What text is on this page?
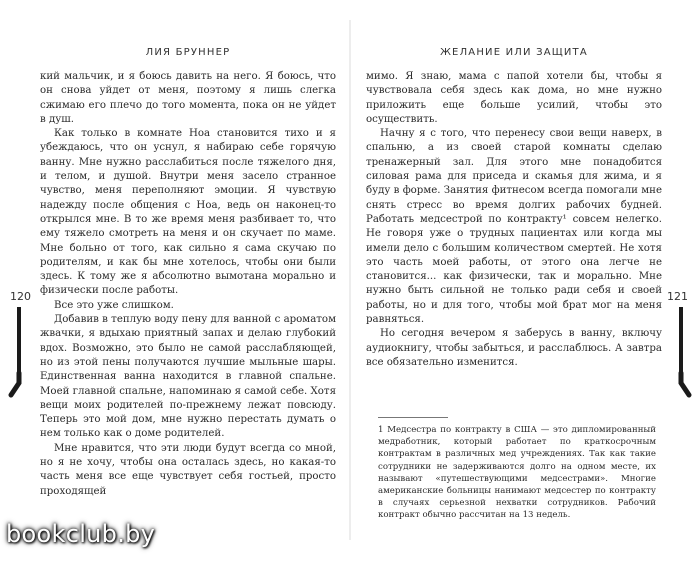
ЛИЯ БРУННЕР

кий мальчик, и я боюсь давить на него. Я боюсь, что он снова уйдет от меня, поэтому я лишь слегка сжимаю его плечо до того момента, пока он не уйдет в душ.

Как только в комнате Ноа становится тихо и я убеждаюсь, что он уснул, я набираю себе горячую ванну. Мне нужно расслабиться после тяжелого дня, и телом, и душой. Внутри меня засело странное чувство, меня переполняют эмоции. Я чувствую надежду после общения с Ноа, ведь он наконец-то открылся мне. В то же время меня разбивает то, что ему тяжело смотреть на меня и он скучает по маме. Мне больно от того, как сильно я сама скучаю по родителям, и как бы мне хотелось, чтобы они были здесь. К тому же я абсолютно вымотана морально и физически после работы.

Все это уже слишком.

Добавив в теплую воду пену для ванной с ароматом жвачки, я вдыхаю приятный запах и делаю глубокий вдох. Возможно, это было не самой расслабляющей, но из этой пены получаются лучшие мыльные шары. Единственная ванна находится в главной спальне. Моей главной спальне, напоминаю я самой себе. Хотя вещи моих родителей по-прежнему лежат повсюду. Теперь это мой дом, мне нужно перестать думать о нем только как о доме родителей.

Мне нравится, что эти люди будут всегда со мной, но я не хочу, чтобы она осталась здесь, но какая-то часть меня все еще чувствует себя гостьей, просто проходящей

ЖЕЛАНИЕ ИЛИ ЗАЩИТА

мимо. Я знаю, мама с папой хотели бы, чтобы я чувствовала себя здесь как дома, но мне нужно приложить еще больше усилий, чтобы это осуществить.

Начну я с того, что перенесу свои вещи наверх, в спальню, а из своей старой комнаты сделаю тренажерный зал. Для этого мне понадобится силовая рама для приседа и скамья для жима, и я буду в форме. Занятия фитнесом всегда помогали мне снять стресс во время долгих рабочих будней. Работать медсестрой по контракту¹ совсем нелегко. Не говоря уже о трудных пациентах или когда мы имели дело с большим количеством смертей. Не хотя это часть моей работы, от этого она легче не становится... как физически, так и морально. Мне нужно быть сильной не только ради себя и своей работы, но и для того, чтобы мой брат мог на меня равняться.

Но сегодня вечером я заберусь в ванну, включу аудиокнигу, чтобы забыться, и расслаблюсь. А завтра все обязательно изменится.

1 Медсестра по контракту в США — это дипломированный медработник, который работает по краткосрочным контрактам в различных мед учреждениях. Так как такие сотрудники не задерживаются долго на одном месте, их называют «путешествующими медсестрами». Многие американские больницы нанимают медсестер по контракту в случаях серьезной нехватки сотрудников. Рабочий контракт обычно рассчитан на 13 недель.
120	121
bookclub.by
